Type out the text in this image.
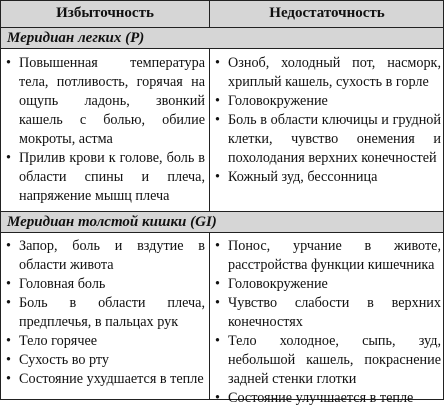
Избыточность	Недостаточность
Меридиан легких (P)
• Повышенная температура тела, потливость, горячая на ощупь ладонь, звонкий кашель с болью, обилие мокроты, астма
• Прилив крови к голове, боль в области спины и плеча, напряжение мышц плеча
• Озноб, холодный пот, насморк, хриплый кашель, сухость в горле
• Головокружение
• Боль в области ключицы и грудной клетки, чувство онемения и похолодания верхних конечностей
• Кожный зуд, бессонница
Меридиан толстой кишки (GI)
• Запор, боль и вздутие в области живота
• Головная боль
• Боль в области плеча, предплечья, в пальцах рук
• Тело горячее
• Сухость во рту
• Состояние ухудшается в тепле
• Понос, урчание в животе, расстройства функции кишечника
• Головокружение
• Чувство слабости в верхних конечностях
• Тело холодное, сыпь, зуд, небольшой кашель, покраснение задней стенки глотки
• Состояние улучшается в тепле
